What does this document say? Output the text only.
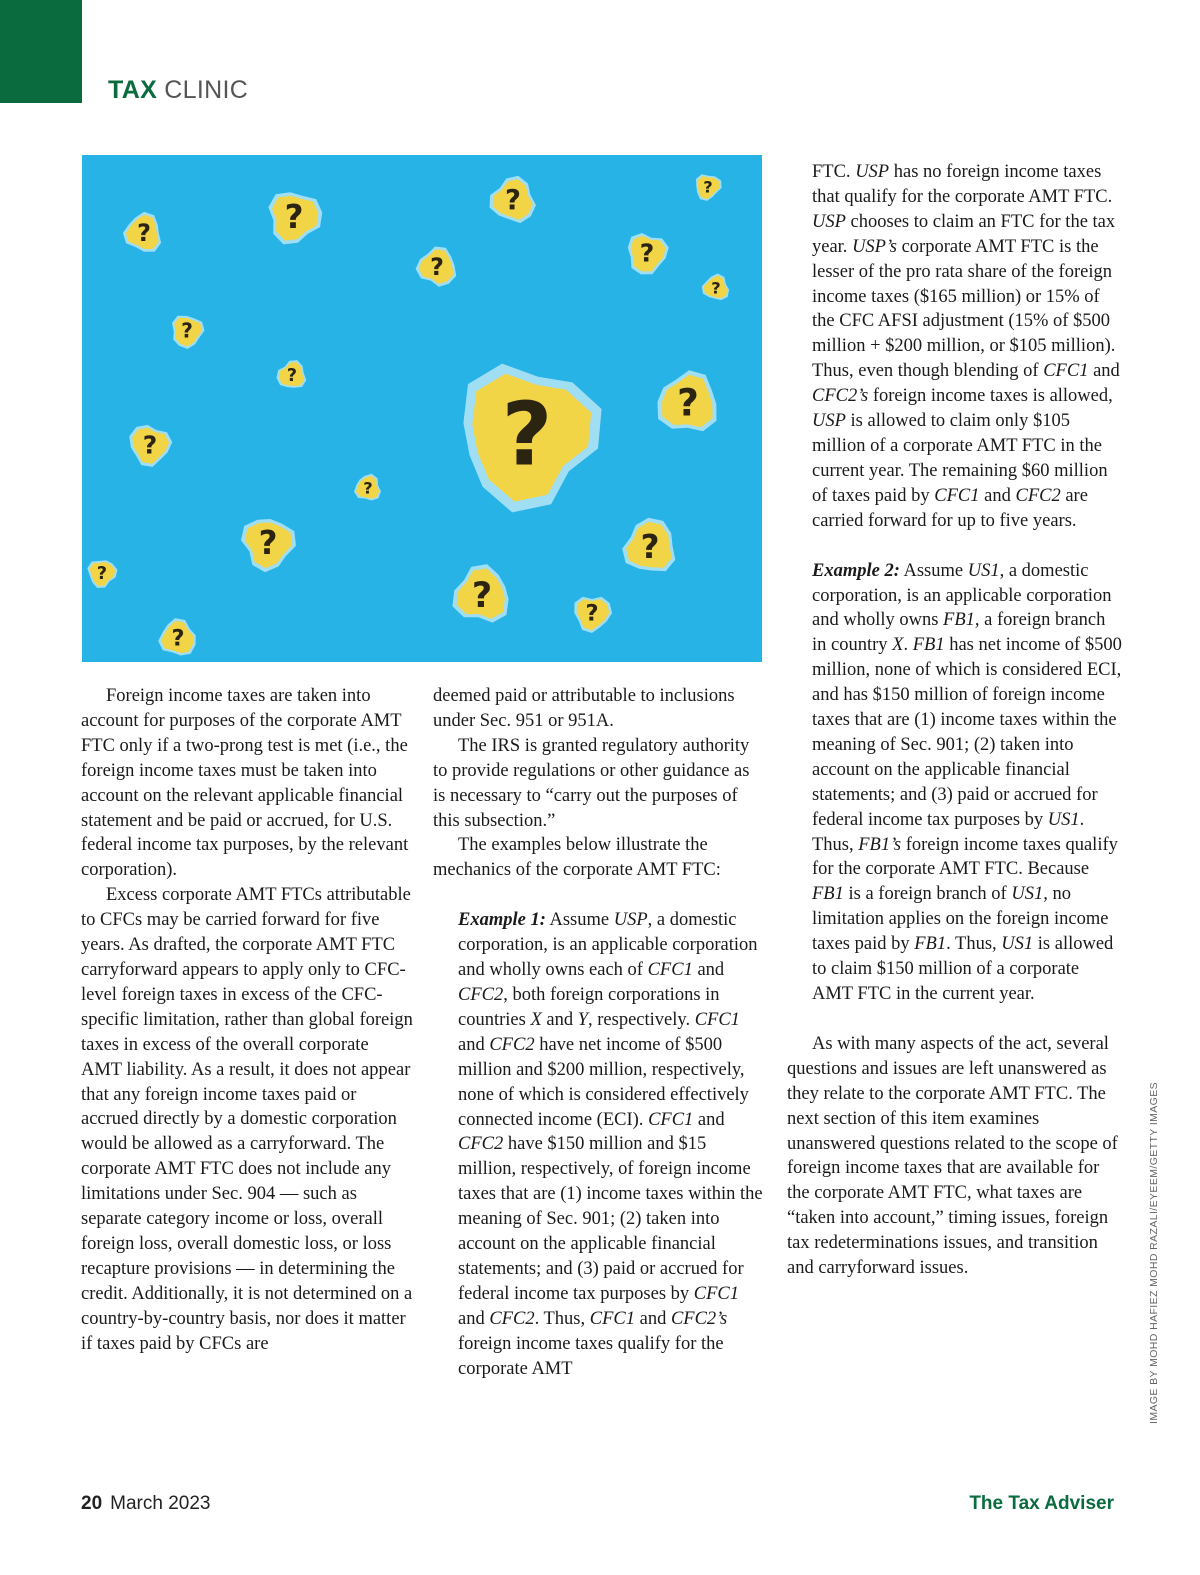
TAX CLINIC
?	?	?	?
?	?
?
?
?
?	?
?
?
?	?
?
?	?
?

Foreign income taxes are taken into account for purposes of the corporate AMT FTC only if a two-prong test is met (i.e., the foreign income taxes must be taken into account on the relevant applicable financial statement and be paid or accrued, for U.S. federal income tax purposes, by the relevant corporation).

Excess corporate AMT FTCs attributable to CFCs may be carried forward for five years. As drafted, the corporate AMT FTC carryforward appears to apply only to CFC-level foreign taxes in excess of the CFC-specific limitation, rather than global foreign taxes in excess of the overall corporate AMT liability. As a result, it does not appear that any foreign income taxes paid or accrued directly by a domestic corporation would be allowed as a carryforward. The corporate AMT FTC does not include any limitations under Sec. 904 — such as separate category income or loss, overall foreign loss, overall domestic loss, or loss recapture provisions — in determining the credit. Additionally, it is not determined on a country-by-country basis, nor does it matter if taxes paid by CFCs are

deemed paid or attributable to inclusions under Sec. 951 or 951A.

The IRS is granted regulatory authority to provide regulations or other guidance as is necessary to “carry out the purposes of this subsection.”

The examples below illustrate the mechanics of the corporate AMT FTC:

Example 1: Assume USP, a domestic corporation, is an applicable corporation and wholly owns each of CFC1 and CFC2, both foreign corporations in countries X and Y, respectively. CFC1 and CFC2 have net income of $500 million and $200 million, respectively, none of which is considered effectively connected income (ECI). CFC1 and CFC2 have $150 million and $15 million, respectively, of foreign income taxes that are (1) income taxes within the meaning of Sec. 901; (2) taken into account on the applicable financial statements; and (3) paid or accrued for federal income tax purposes by CFC1 and CFC2. Thus, CFC1 and CFC2’s foreign income taxes qualify for the corporate AMT

FTC. USP has no foreign income taxes that qualify for the corporate AMT FTC. USP chooses to claim an FTC for the tax year. USP’s corporate AMT FTC is the lesser of the pro rata share of the foreign income taxes ($165 million) or 15% of the CFC AFSI adjustment (15% of $500 million + $200 million, or $105 million). Thus, even though blending of CFC1 and CFC2’s foreign income taxes is allowed, USP is allowed to claim only $105 million of a corporate AMT FTC in the current year. The remaining $60 million of taxes paid by CFC1 and CFC2 are carried forward for up to five years.

Example 2: Assume US1, a domestic corporation, is an applicable corporation and wholly owns FB1, a foreign branch in country X. FB1 has net income of $500 million, none of which is considered ECI, and has $150 million of foreign income taxes that are (1) income taxes within the meaning of Sec. 901; (2) taken into account on the applicable financial statements; and (3) paid or accrued for federal income tax purposes by US1. Thus, FB1’s foreign income taxes qualify for the corporate AMT FTC. Because FB1 is a foreign branch of US1, no limitation applies on the foreign income taxes paid by FB1. Thus, US1 is allowed to claim $150 million of a corporate AMT FTC in the current year.

As with many aspects of the act, several questions and issues are left unanswered as they relate to the corporate AMT FTC. The next section of this item examines unanswered questions related to the scope of foreign income taxes that are available for the corporate AMT FTC, what taxes are “taken into account,” timing issues, foreign tax redeterminations issues, and transition and carryforward issues.	IMAGE BY MOHD HAFIEZ MOHD RAZALI/EYEEM/GETTY IMAGES
20 March 2023	The Tax Adviser
